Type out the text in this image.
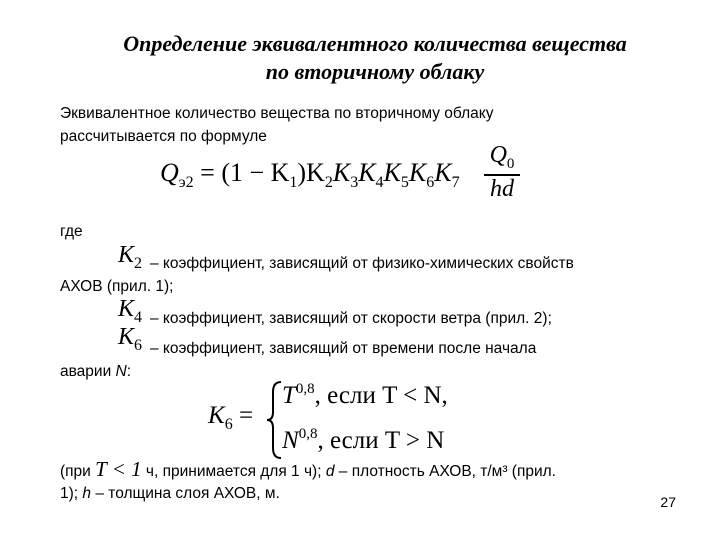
Определение эквивалентного количества вещества
по вторичному облаку
Эквивалентное количество вещества по вторичному облаку
рассчитывается по формуле
$Q_{э2} = (1 - K_1)K_2K_3K_4K_5K_6K_7$
$Q_0$
hd
где
$K_2$ – коэффициент, зависящий от физико-химических свойств
АХОВ (прил. 1);
$K_4$ – коэффициент, зависящий от скорости ветра (прил. 2);
$K_6$ – коэффициент, зависящий от времени после начала
аварии N:
$K_6$ =
T$^{0,8}$, если T < N,
N$^{0,8}$, если T > N
(при T < 1 ч, принимается для 1 ч); d – плотность АХОВ, т/м³ (прил.
1); h – толщина слоя АХОВ, м.	27
